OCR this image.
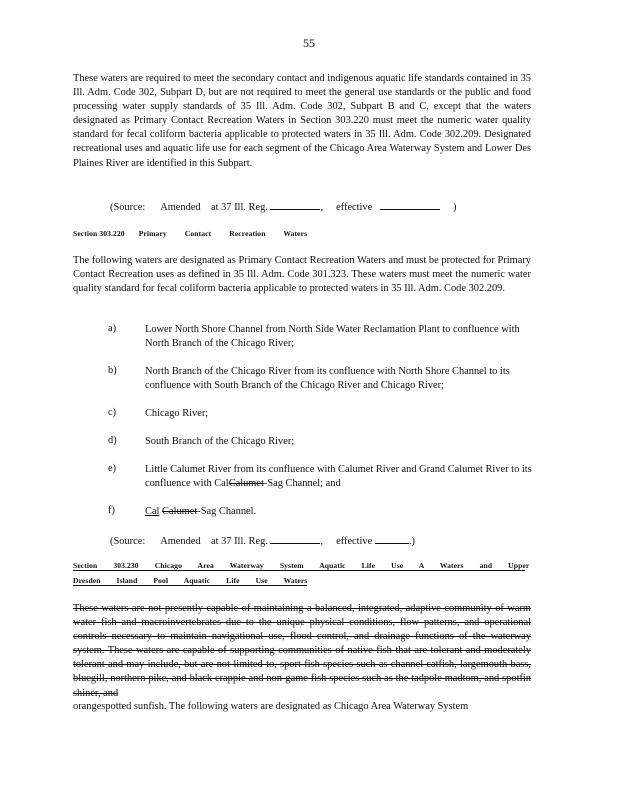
55

These waters are required to meet the secondary contact and indigenous aquatic life standards contained in 35 Ill. Adm. Code 302, Subpart D, but are not required to meet the general use standards or the public and food processing water supply standards of 35 Ill. Adm. Code 302, Subpart B and C, except that the waters designated as Primary Contact Recreation Waters in Section 303.220 must meet the numeric water quality standard for fecal coliform bacteria applicable to protected waters in 35 Ill. Adm. Code 302.209. Designated recreational uses and aquatic life use for each segment of the Chicago Area Waterway System and Lower Des Plaines River are identified in this Subpart.

(Source: Amended at 37 Ill. Reg.	, effective	)
Section 303.220 Primary Contact Recreation Waters

The following waters are designated as Primary Contact Recreation Waters and must be protected for Primary Contact Recreation uses as defined in 35 Ill. Adm. Code 301.323. These waters must meet the numeric water quality standard for fecal coliform bacteria applicable to protected waters in 35 Ill. Adm. Code 302.209.

a)	Lower North Shore Channel from North Side Water Reclamation Plant to confluence with North Branch of the Chicago River;

b)	North Branch of the Chicago River from its confluence with North Shore Channel to its confluence with South Branch of the Chicago River and Chicago River;

c)	Chicago River;

d)	South Branch of the Chicago River;

e)	Little Calumet River from its confluence with Calumet River and Grand Calumet River to its confluence with CalCalumet-Sag Channel; and

f)	Cal Calumet-Sag Channel.

(Source: Amended at 37 Ill. Reg.	, effective	.)
Section 303.230 Chicago Area Waterway System Aquatic Life Use A Waters and Upper
Dresden Island Pool Aquatic Life Use Waters

These waters are not presently capable of maintaining a balanced, integrated, adaptive community of warm water fish and macroinvertebrates due to the unique physical conditions, flow patterns, and operational controls necessary to maintain navigational use, flood control, and drainage functions of the waterway system. These waters are capable of supporting communities of native fish that are tolerant and moderately tolerant and may include, but are not limited to, sport fish species such as channel catfish, largemouth bass, bluegill, northern pike, and black crappie and non-game fish species such as the tadpole madtom, and spotfin shiner, and

orangespotted sunfish. The following waters are designated as Chicago Area Waterway System
